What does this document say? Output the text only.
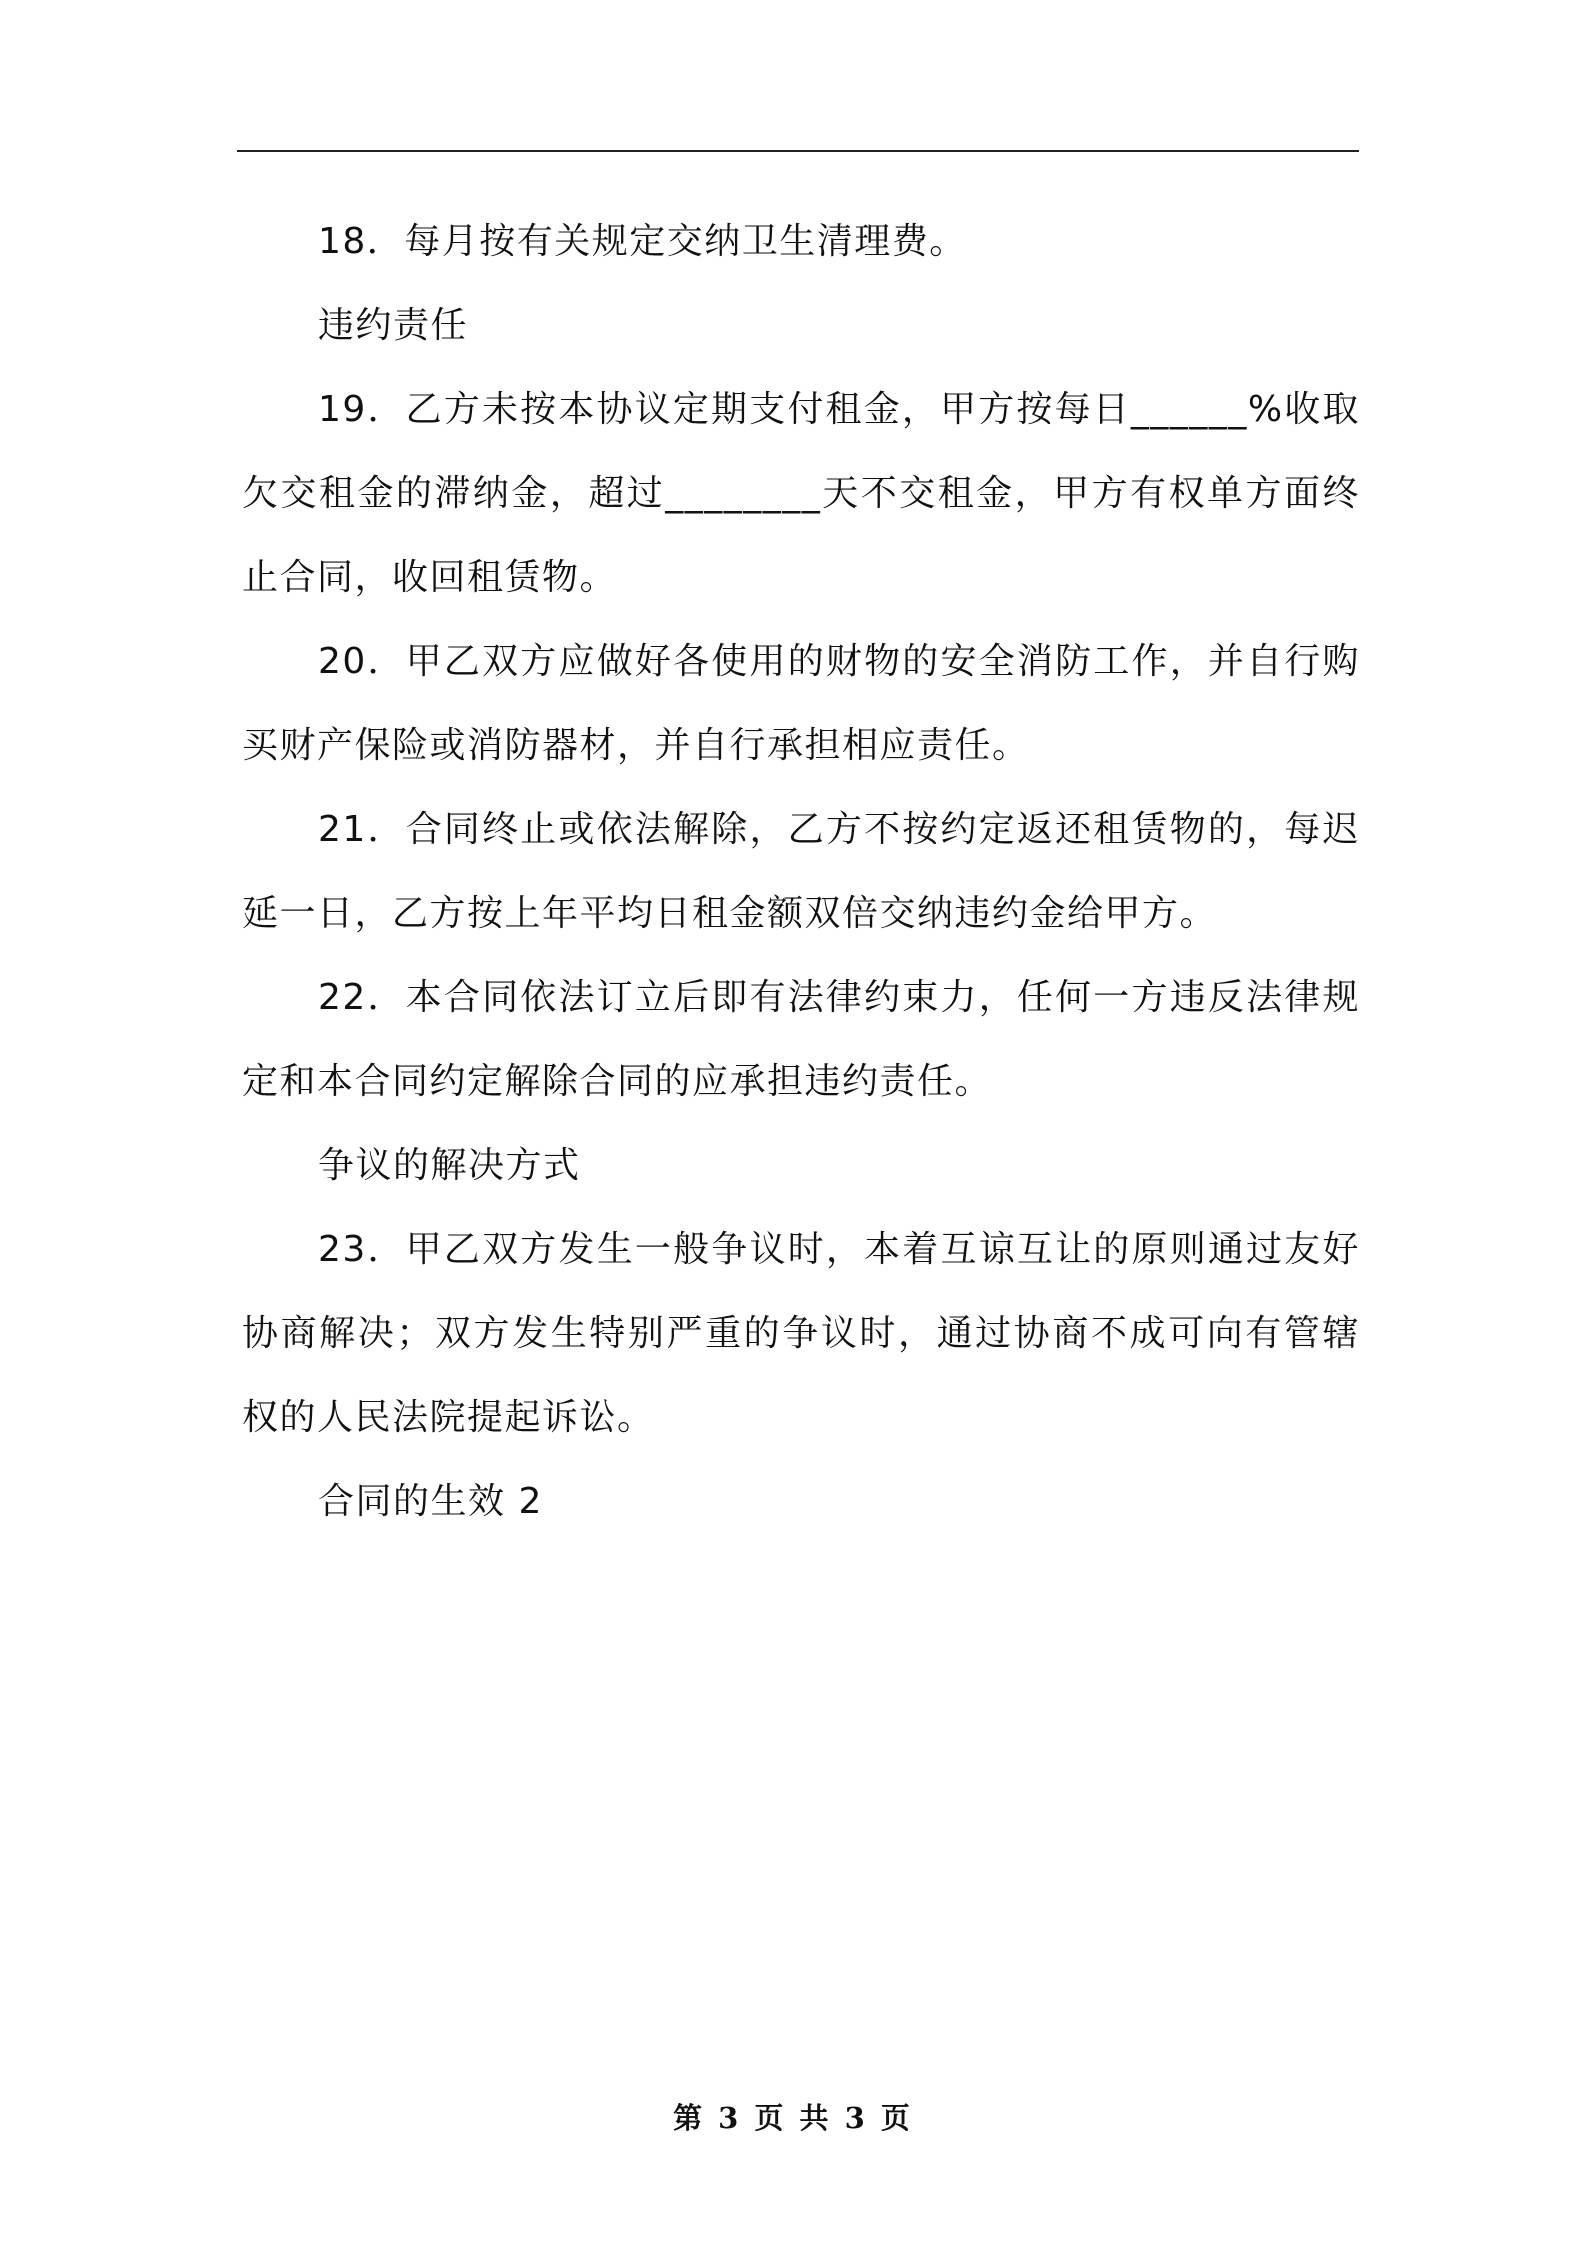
18．每月按有关规定交纳卫生清理费。

违约责任

19．乙方未按本协议定期支付租金，甲方按每日______%收取欠交租金的滞纳金，超过________天不交租金，甲方有权单方面终止合同，收回租赁物。

20．甲乙双方应做好各使用的财物的安全消防工作，并自行购买财产保险或消防器材，并自行承担相应责任。

21．合同终止或依法解除，乙方不按约定返还租赁物的，每迟延一日，乙方按上年平均日租金额双倍交纳违约金给甲方。

22．本合同依法订立后即有法律约束力，任何一方违反法律规定和本合同约定解除合同的应承担违约责任。

争议的解决方式

23．甲乙双方发生一般争议时，本着互谅互让的原则通过友好协商解决；双方发生特别严重的争议时，通过协商不成可向有管辖权的人民法院提起诉讼。

合同的生效 2

第 3 页 共 3 页
